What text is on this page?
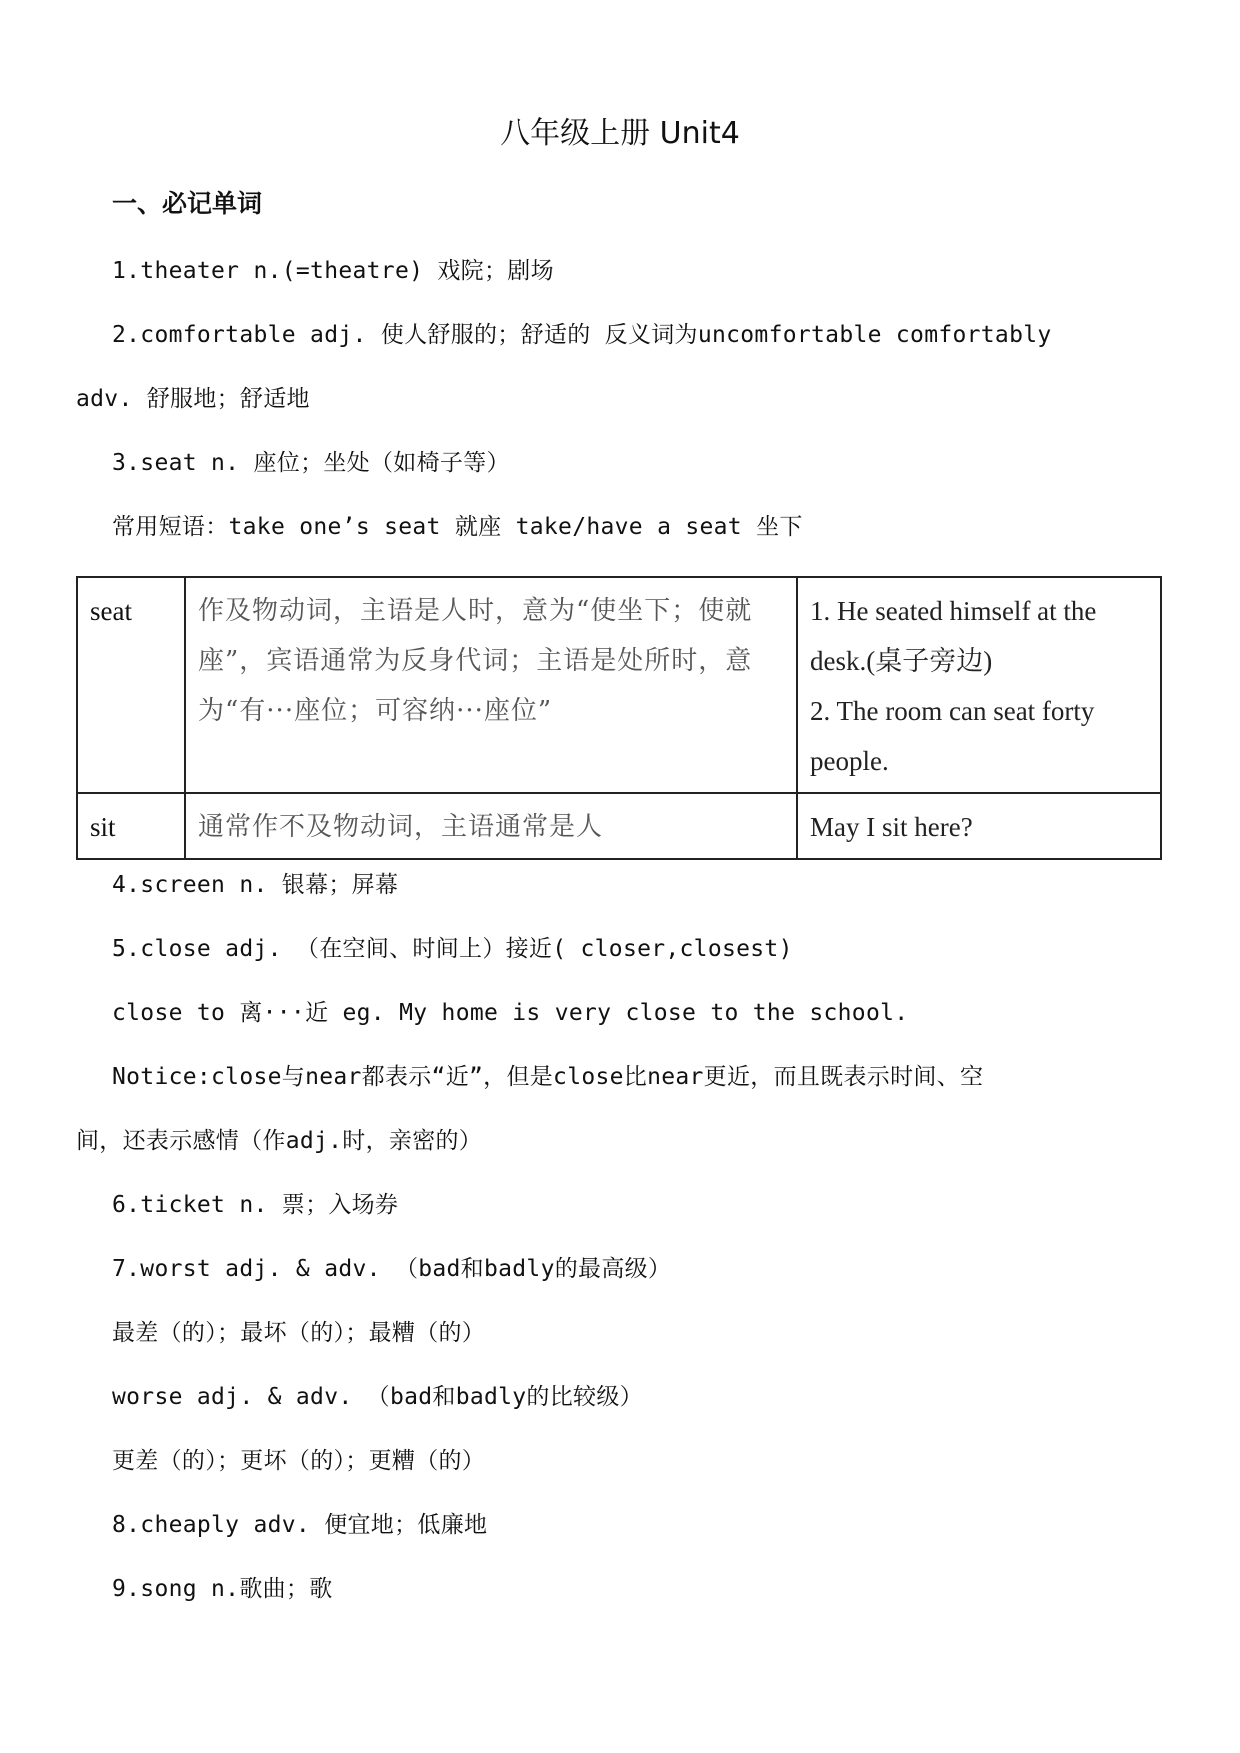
八年级上册 Unit4
一、必记单词
1.theater n.(=theatre) 戏院；剧场
2.comfortable adj. 使人舒服的；舒适的 反义词为uncomfortable comfortably
adv. 舒服地；舒适地
3.seat n. 座位；坐处（如椅子等）
常用短语：take one’s seat 就座 take/have a seat 坐下
seat	作及物动词，主语是人时，意为“使坐下；使就座”，宾语通常为反身代词；主语是处所时，意为“有···座位；可容纳···座位”	1. He seated himself at the desk.(桌子旁边)
2. The room can seat forty people.

sit	通常作不及物动词，主语通常是人	May I sit here?
4.screen n. 银幕；屏幕
5.close adj. （在空间、时间上）接近( closer,closest)
close to 离···近 eg. My home is very close to the school.
Notice:close与near都表示“近”，但是close比near更近，而且既表示时间、空
间，还表示感情（作adj.时，亲密的）
6.ticket n. 票；入场券
7.worst adj. & adv. （bad和badly的最高级）
最差（的）；最坏（的）；最糟（的）
worse adj. & adv. （bad和badly的比较级）
更差（的）；更坏（的）；更糟（的）
8.cheaply adv. 便宜地；低廉地
9.song n.歌曲；歌
